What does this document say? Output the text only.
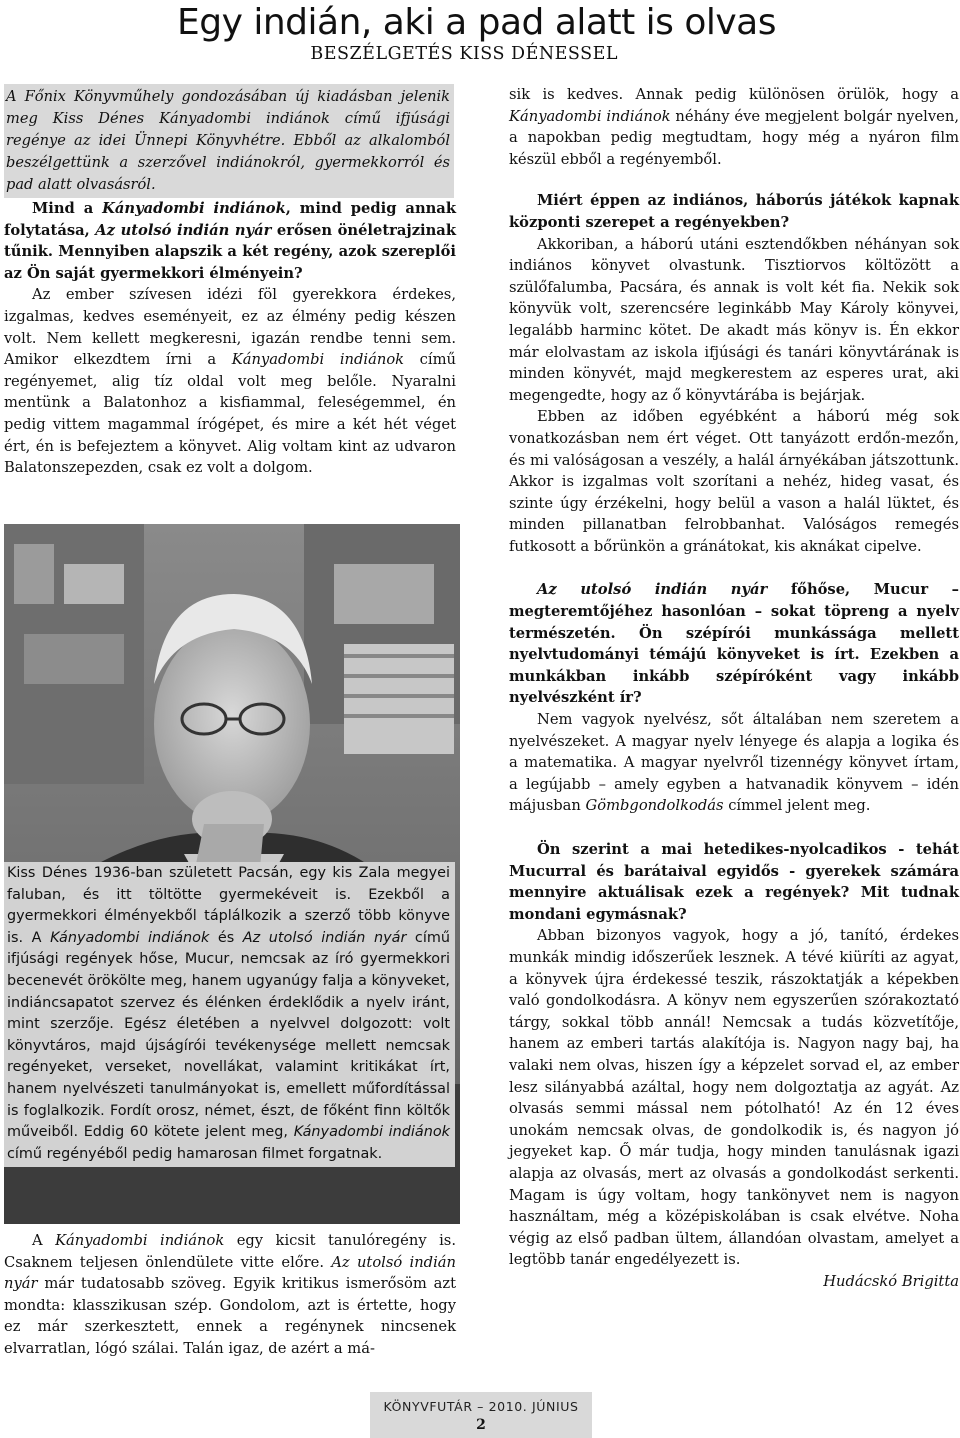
Egy indián, aki a pad alatt is olvas
BESZÉLGETÉS KISS DÉNESSEL

A Főnix Könyvműhely gondozásában új kiadásban jelenik meg Kiss Dénes Kányadombi indiánok című ifjúsági regénye az idei Ünnepi Könyvhétre. Ebből az alkalomból beszélgettünk a szerzővel indiánokról, gyermekkorról és pad alatt olvasásról.

Mind a Kányadombi indiánok, mind pedig annak folytatása, Az utolsó indián nyár erősen önéletrajzinak tűnik. Mennyiben alapszik a két regény, azok szereplői az Ön saját gyermekkori élményein?

Az ember szívesen idézi föl gyerekkora érdekes, izgalmas, kedves eseményeit, ez az élmény pedig készen volt. Nem kellett megkeresni, igazán rendbe tenni sem. Amikor elkezdtem írni a Kányadombi indiánok című regényemet, alig tíz oldal volt meg belőle. Nyaralni mentünk a Balatonhoz a kisfiammal, feleségemmel, én pedig vittem magammal írógépet, és mire a két hét véget ért, én is befejeztem a könyvet. Alig voltam kint az udvaron Balatonszepezden, csak ez volt a dolgom.

Kiss Dénes 1936-ban született Pacsán, egy kis Zala megyei faluban, és itt töltötte gyermekéveit is. Ezekből a gyermekkori élményekből táplálkozik a szerző több könyve is. A Kányadombi indiánok és Az utolsó indián nyár című ifjúsági regények hőse, Mucur, nemcsak az író gyermekkori becenevét örökölte meg, hanem ugyanúgy falja a könyveket, indiáncsapatot szervez és élénken érdeklődik a nyelv iránt, mint szerzője. Egész életében a nyelvvel dolgozott: volt könyvtáros, majd újságírói tevékenysége mellett nemcsak regényeket, verseket, novellákat, valamint kritikákat írt, hanem nyelvészeti tanulmányokat is, emellett műfordítással is foglalkozik. Fordít orosz, német, észt, de főként finn költők műveiből. Eddig 60 kötete jelent meg, Kányadombi indiánok című regényéből pedig hamarosan filmet forgatnak.

A Kányadombi indiánok egy kicsit tanulóregény is. Csaknem teljesen önlendülete vitte előre. Az utolsó indián nyár már tudatosabb szöveg. Egyik kritikus ismerősöm azt mondta: klasszikusan szép. Gondolom, azt is értette, hogy ez már szerkesztett, ennek a regénynek nincsenek elvarratlan, lógó szálai. Talán igaz, de azért a má-

sik is kedves. Annak pedig különösen örülök, hogy a Kányadombi indiánok néhány éve megjelent bolgár nyelven, a napokban pedig megtudtam, hogy még a nyáron film készül ebből a regényemből.

Miért éppen az indiános, háborús játékok kapnak központi szerepet a regényekben?

Akkoriban, a háború utáni esztendőkben néhányan sok indiános könyvet olvastunk. Tisztiorvos költözött a szülőfalumba, Pacsára, és annak is volt két fia. Nekik sok könyvük volt, szerencsére leginkább May Károly könyvei, legalább harminc kötet. De akadt más könyv is. Én ekkor már elolvastam az iskola ifjúsági és tanári könyvtárának is minden könyvét, majd megkerestem az esperes urat, aki megengedte, hogy az ő könyvtárába is bejárjak.

Ebben az időben egyébként a háború még sok vonatkozásban nem ért véget. Ott tanyázott erdőn-mezőn, és mi valóságosan a veszély, a halál árnyékában játszottunk. Akkor is izgalmas volt szorítani a nehéz, hideg vasat, és szinte úgy érzékelni, hogy belül a vason a halál lüktet, és minden pillanatban felrobbanhat. Valóságos remegés futkosott a bőrünkön a gránátokat, kis aknákat cipelve.

Az utolsó indián nyár főhőse, Mucur – megteremtőjéhez hasonlóan – sokat töpreng a nyelv természetén. Ön szépírói munkássága mellett nyelvtudományi témájú könyveket is írt. Ezekben a munkákban inkább szépíróként vagy inkább nyelvészként ír?

Nem vagyok nyelvész, sőt általában nem szeretem a nyelvészeket. A magyar nyelv lényege és alapja a logika és a matematika. A magyar nyelvről tizennégy könyvet írtam, a legújabb – amely egyben a hatvanadik könyvem – idén májusban Gömbgondolkodás címmel jelent meg.

Ön szerint a mai hetedikes-nyolcadikos - tehát Mucurral és barátaival egyidős - gyerekek számára mennyire aktuálisak ezek a regények? Mit tudnak mondani egymásnak?

Abban bizonyos vagyok, hogy a jó, tanító, érdekes munkák mindig időszerűek lesznek. A tévé kiüríti az agyat, a könyvek újra érdekessé teszik, rászoktatják a képekben való gondolkodásra. A könyv nem egyszerűen szórakoztató tárgy, sokkal több annál! Nemcsak a tudás közvetítője, hanem az emberi tartás alakítója is. Nagyon nagy baj, ha valaki nem olvas, hiszen így a képzelet sorvad el, az ember lesz silányabbá azáltal, hogy nem dolgoztatja az agyát. Az olvasás semmi mással nem pótolható! Az én 12 éves unokám nemcsak olvas, de gondolkodik is, és nagyon jó jegyeket kap. Ő már tudja, hogy minden tanulásnak igazi alapja az olvasás, mert az olvasás a gondolkodást serkenti. Magam is úgy voltam, hogy tankönyvet nem is nagyon használtam, még a középiskolában is csak elvétve. Noha végig az első padban ültem, állandóan olvastam, amelyet a legtöbb tanár engedélyezett is.

Hudácskó Brigitta

KÖNYVFUTÁR – 2010. JÚNIUS
2
